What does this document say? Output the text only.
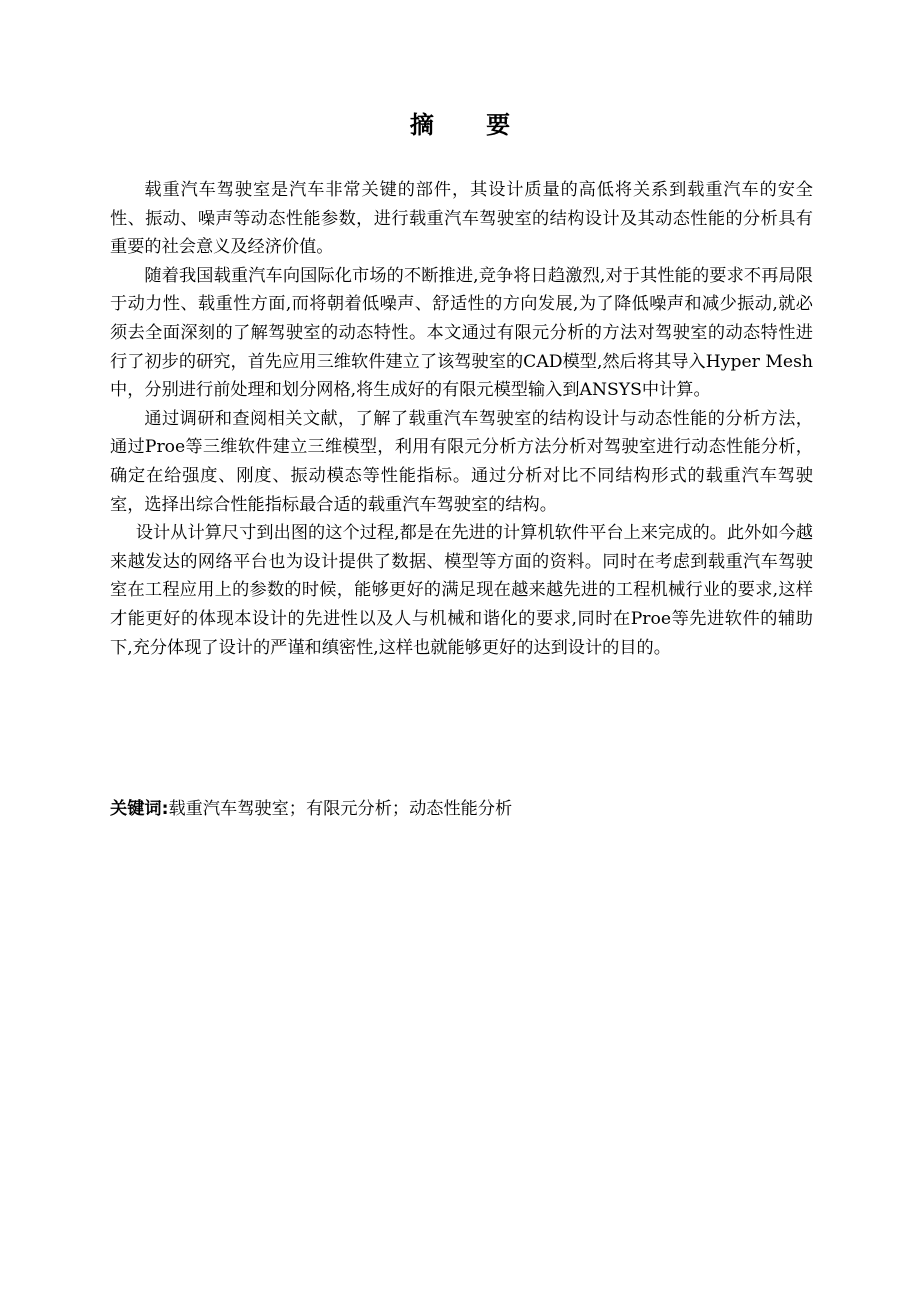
摘 要

载重汽车驾驶室是汽车非常关键的部件，其设计质量的高低将关系到载重汽车的安全性、振动、噪声等动态性能参数，进行载重汽车驾驶室的结构设计及其动态性能的分析具有重要的社会意义及经济价值。

随着我国载重汽车向国际化市场的不断推进,竞争将日趋激烈,对于其性能的要求不再局限于动力性、载重性方面,而将朝着低噪声、舒适性的方向发展,为了降低噪声和减少振动,就必须去全面深刻的了解驾驶室的动态特性。本文通过有限元分析的方法对驾驶室的动态特性进行了初步的研究，首先应用三维软件建立了该驾驶室的CAD模型,然后将其导入Hyper Mesh中，分别进行前处理和划分网格,将生成好的有限元模型输入到ANSYS中计算。

通过调研和查阅相关文献，了解了载重汽车驾驶室的结构设计与动态性能的分析方法，通过Proe等三维软件建立三维模型，利用有限元分析方法分析对驾驶室进行动态性能分析，确定在给强度、刚度、振动模态等性能指标。通过分析对比不同结构形式的载重汽车驾驶室，选择出综合性能指标最合适的载重汽车驾驶室的结构。

设计从计算尺寸到出图的这个过程,都是在先进的计算机软件平台上来完成的。此外如今越来越发达的网络平台也为设计提供了数据、模型等方面的资料。同时在考虑到载重汽车驾驶室在工程应用上的参数的时候，能够更好的满足现在越来越先进的工程机械行业的要求,这样才能更好的体现本设计的先进性以及人与机械和谐化的要求,同时在Proe等先进软件的辅助下,充分体现了设计的严谨和缜密性,这样也就能够更好的达到设计的目的。

关键词:载重汽车驾驶室；有限元分析；动态性能分析
